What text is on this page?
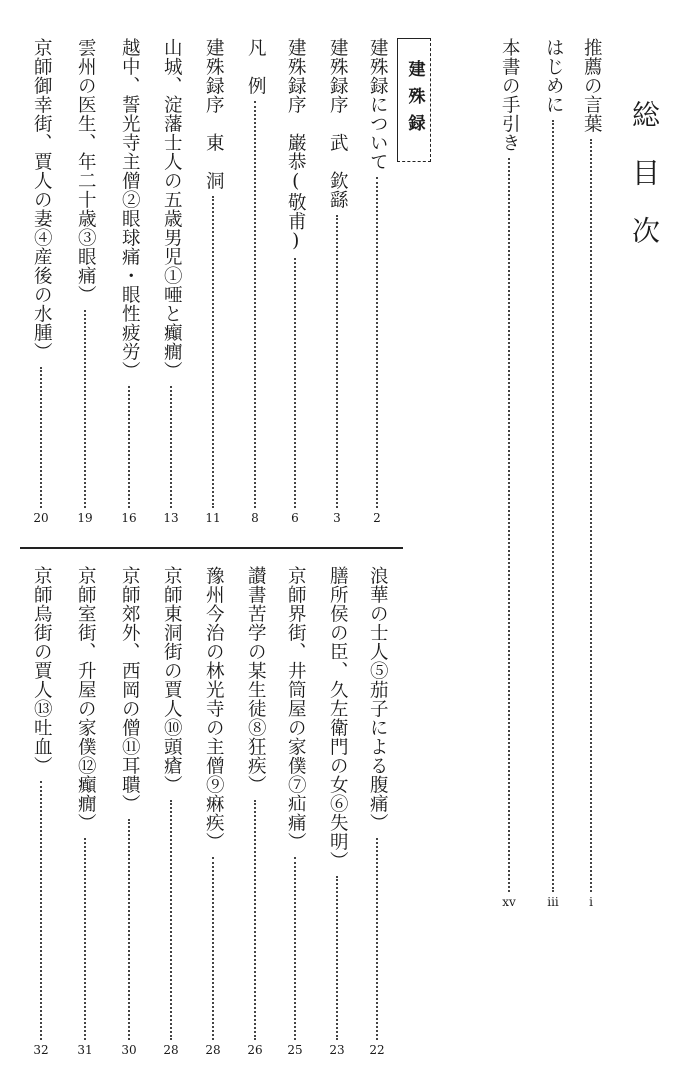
総目次
推薦の言葉
i
はじめに
iii
本書の手引き
xv
建殊録
建殊録について
2
建殊録序　武　欽繇
3
建殊録序　巌恭(敬甫)
6
凡　例
8
建殊録序　東　洞
11
山城、淀藩士人の五歳男児①唖と癲癇）
13
越中、誓光寺主僧②眼球痛・眼性疲労）
16
雲州の医生、年二十歳③眼痛）
19
京師御幸街、賈人の妻④産後の水腫）
20
浪華の士人⑤茄子による腹痛）
22
膳所侯の臣、久左衛門の女⑥失明）
23
京師界街、井筒屋の家僕⑦疝痛）
25
讃書苦学の某生徒⑧狂疾）
26
豫州今治の林光寺の主僧⑨痳疾）
28
京師東洞街の賈人⑩頭瘡）
28
京師郊外、西岡の僧⑪耳聵）
30
京師室街、升屋の家僕⑫癲癇）
31
京師烏街の賈人⑬吐血）
32
